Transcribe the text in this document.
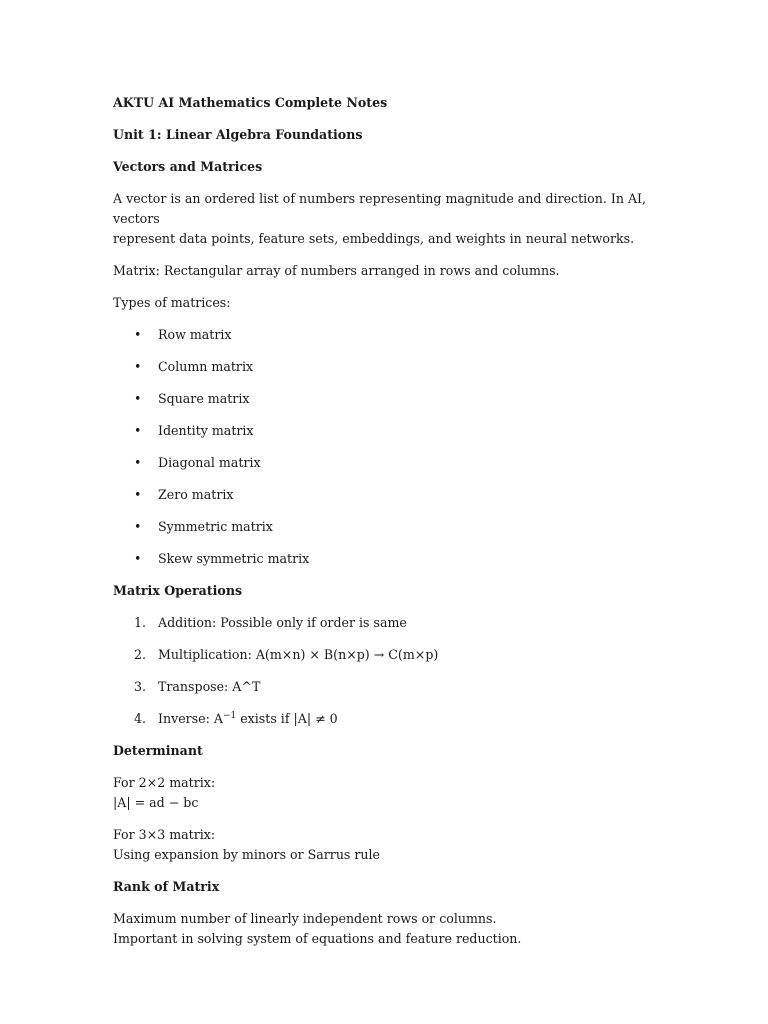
AKTU AI Mathematics Complete Notes

Unit 1: Linear Algebra Foundations

Vectors and Matrices

A vector is an ordered list of numbers representing magnitude and direction. In AI, vectors
represent data points, feature sets, embeddings, and weights in neural networks.

Matrix: Rectangular array of numbers arranged in rows and columns.

Types of matrices:

• Row matrix
• Column matrix
• Square matrix
• Identity matrix
• Diagonal matrix
• Zero matrix
• Symmetric matrix
• Skew symmetric matrix

Matrix Operations

1. Addition: Possible only if order is same
2. Multiplication: A(m×n) × B(n×p) → C(m×p)
3. Transpose: A^T
4. Inverse: $A^{-1}$ exists if |A| ≠ 0

Determinant

For 2×2 matrix:
|A| = ad − bc

For 3×3 matrix:
Using expansion by minors or Sarrus rule

Rank of Matrix

Maximum number of linearly independent rows or columns.
Important in solving system of equations and feature reduction.
